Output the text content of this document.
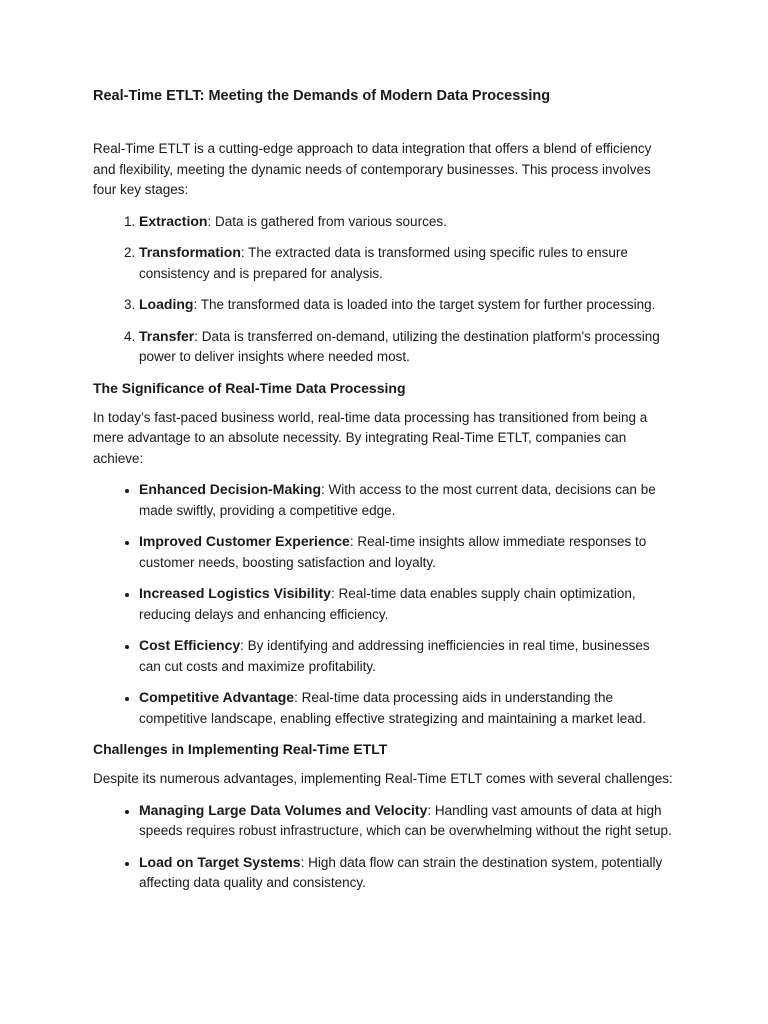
Real-Time ETLT: Meeting the Demands of Modern Data Processing

Real-Time ETLT is a cutting-edge approach to data integration that offers a blend of efficiency and flexibility, meeting the dynamic needs of contemporary businesses. This process involves four key stages:

1. Extraction: Data is gathered from various sources.
2. Transformation: The extracted data is transformed using specific rules to ensure consistency and is prepared for analysis.
3. Loading: The transformed data is loaded into the target system for further processing.
4. Transfer: Data is transferred on-demand, utilizing the destination platform's processing power to deliver insights where needed most.
The Significance of Real-Time Data Processing

In today’s fast-paced business world, real-time data processing has transitioned from being a mere advantage to an absolute necessity. By integrating Real-Time ETLT, companies can achieve:

• Enhanced Decision-Making: With access to the most current data, decisions can be made swiftly, providing a competitive edge.
• Improved Customer Experience: Real-time insights allow immediate responses to customer needs, boosting satisfaction and loyalty.
• Increased Logistics Visibility: Real-time data enables supply chain optimization, reducing delays and enhancing efficiency.
• Cost Efficiency: By identifying and addressing inefficiencies in real time, businesses can cut costs and maximize profitability.
• Competitive Advantage: Real-time data processing aids in understanding the competitive landscape, enabling effective strategizing and maintaining a market lead.
Challenges in Implementing Real-Time ETLT

Despite its numerous advantages, implementing Real-Time ETLT comes with several challenges:

• Managing Large Data Volumes and Velocity: Handling vast amounts of data at high speeds requires robust infrastructure, which can be overwhelming without the right setup.
• Load on Target Systems: High data flow can strain the destination system, potentially affecting data quality and consistency.
